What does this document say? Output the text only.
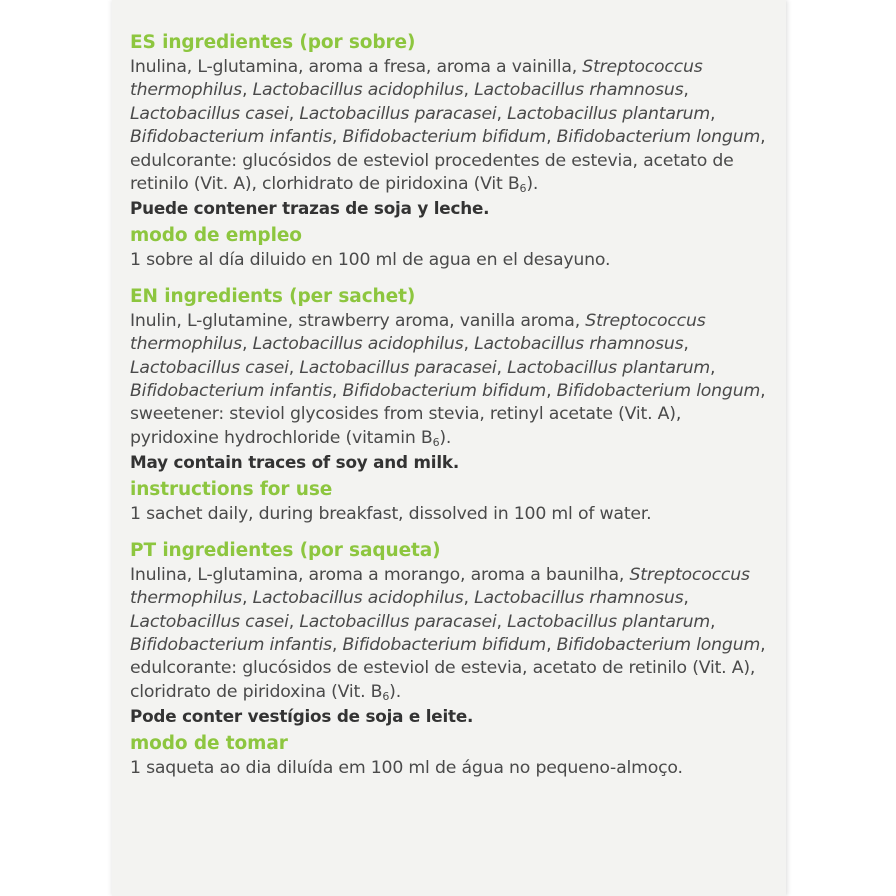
ES ingredientes (por sobre)
Inulina, L-glutamina, aroma a fresa, aroma a vainilla, Streptococcus thermophilus, Lactobacillus acidophilus, Lactobacillus rhamnosus, Lactobacillus casei, Lactobacillus paracasei, Lactobacillus plantarum, Bifidobacterium infantis, Bifidobacterium bifidum, Bifidobacterium longum, edulcorante: glucósidos de esteviol procedentes de estevia, acetato de retinilo (Vit. A), clorhidrato de piridoxina (Vit $B_6$).
Puede contener trazas de soja y leche.
modo de empleo
1 sobre al día diluido en 100 ml de agua en el desayuno.
EN ingredients (per sachet)
Inulin, L-glutamine, strawberry aroma, vanilla aroma, Streptococcus thermophilus, Lactobacillus acidophilus, Lactobacillus rhamnosus, Lactobacillus casei, Lactobacillus paracasei, Lactobacillus plantarum, Bifidobacterium infantis, Bifidobacterium bifidum, Bifidobacterium longum, sweetener: steviol glycosides from stevia, retinyl acetate (Vit. A), pyridoxine hydrochloride (vitamin $B_6$).
May contain traces of soy and milk.
instructions for use
1 sachet daily, during breakfast, dissolved in 100 ml of water.
PT ingredientes (por saqueta)
Inulina, L-glutamina, aroma a morango, aroma a baunilha, Streptococcus thermophilus, Lactobacillus acidophilus, Lactobacillus rhamnosus, Lactobacillus casei, Lactobacillus paracasei, Lactobacillus plantarum, Bifidobacterium infantis, Bifidobacterium bifidum, Bifidobacterium longum, edulcorante: glucósidos de esteviol de estevia, acetato de retinilo (Vit. A), cloridrato de piridoxina (Vit. $B_6$).
Pode conter vestígios de soja e leite.
modo de tomar
1 saqueta ao dia diluída em 100 ml de água no pequeno-almoço.
